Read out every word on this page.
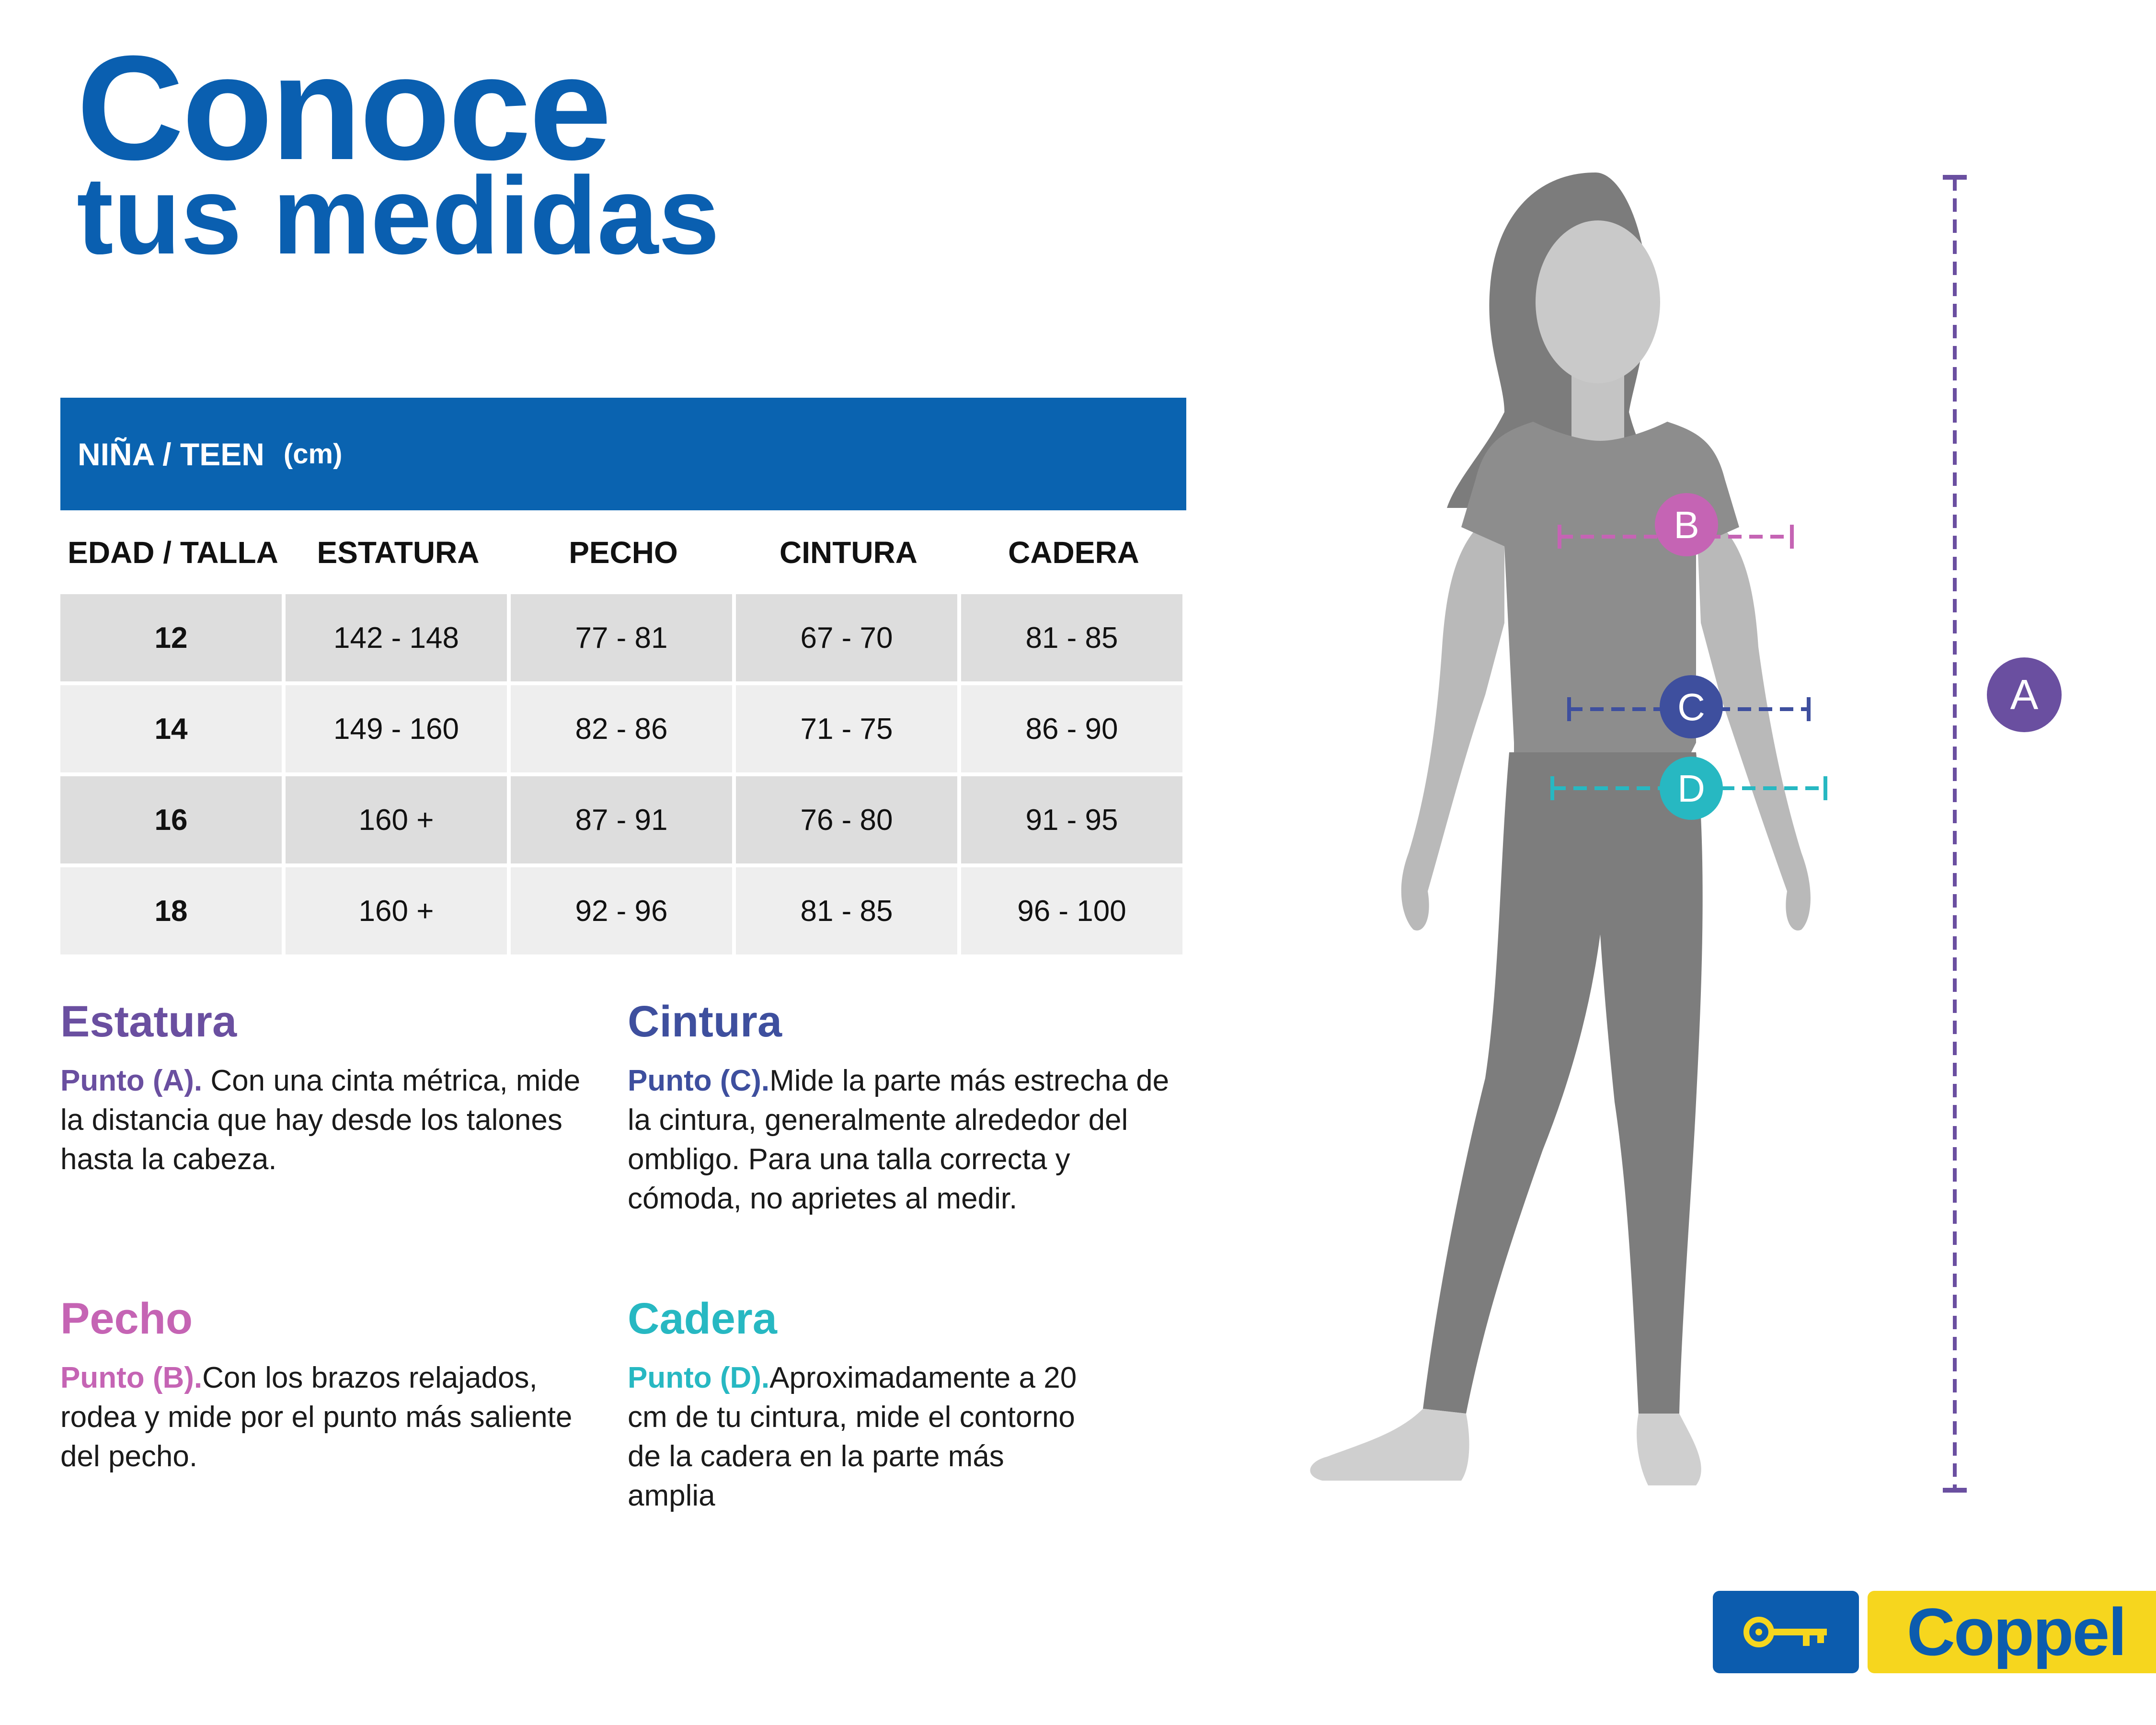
Conoce
tus medidas
NIÑA / TEEN (cm)
EDAD / TALLA	ESTATURA	PECHO	CINTURA	CADERA
12	142 - 148	77 - 81	67 - 70	81 - 85
14	149 - 160	82 - 86	71 - 75	86 - 90
16	160 +	87 - 91	76 - 80	91 - 95
18	160 +	92 - 96	81 - 85	96 - 100
Estatura

Punto (A). Con una cinta métrica, mide la distancia que hay desde los talones hasta la cabeza.

Cintura

Punto (C).Mide la parte más estrecha de la cintura, generalmente alrededor del ombligo. Para una talla correcta y cómoda, no aprietes al medir.

Pecho

Punto (B).Con los brazos relajados, rodea y mide por el punto más saliente del pecho.

Cadera

Punto (D).Aproximadamente a 20 cm de tu cintura, mide el contorno de la cadera en la parte más amplia

A
B
C
D
Coppel
